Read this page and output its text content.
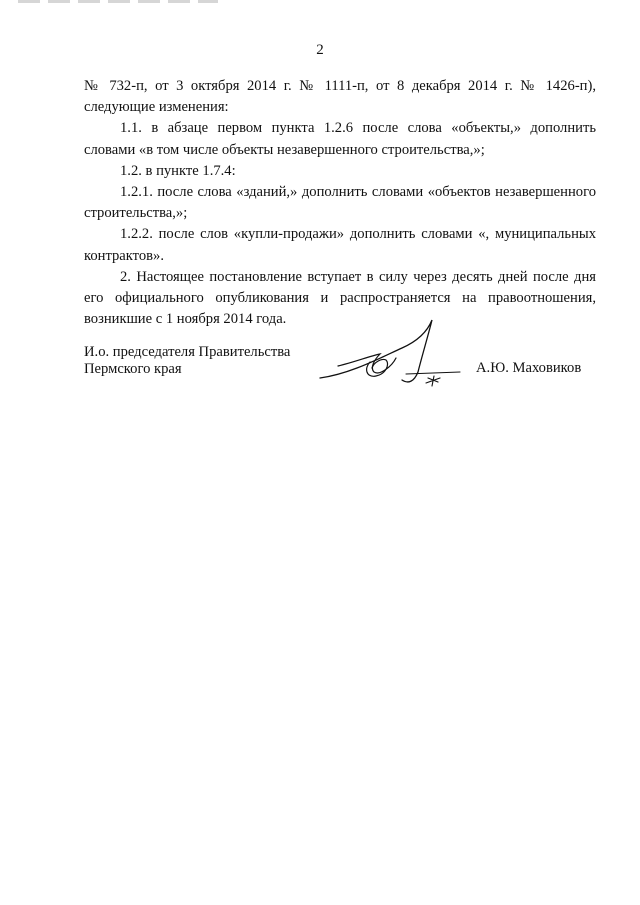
2

№ 732-п, от 3 октября 2014 г. № 1111-п, от 8 декабря 2014 г. № 1426-п), следующие изменения:

1.1. в абзаце первом пункта 1.2.6 после слова «объекты,» дополнить словами «в том числе объекты незавершенного строительства,»;

1.2. в пункте 1.7.4:

1.2.1. после слова «зданий,» дополнить словами «объектов незавершенного строительства,»;

1.2.2. после слов «купли-продажи» дополнить словами «, муниципальных контрактов».

2. Настоящее постановление вступает в силу через десять дней после дня его официального опубликования и распространяется на правоотношения, возникшие с 1 ноября 2014 года.

И.о. председателя Правительства
Пермского края	А.Ю. Маховиков
